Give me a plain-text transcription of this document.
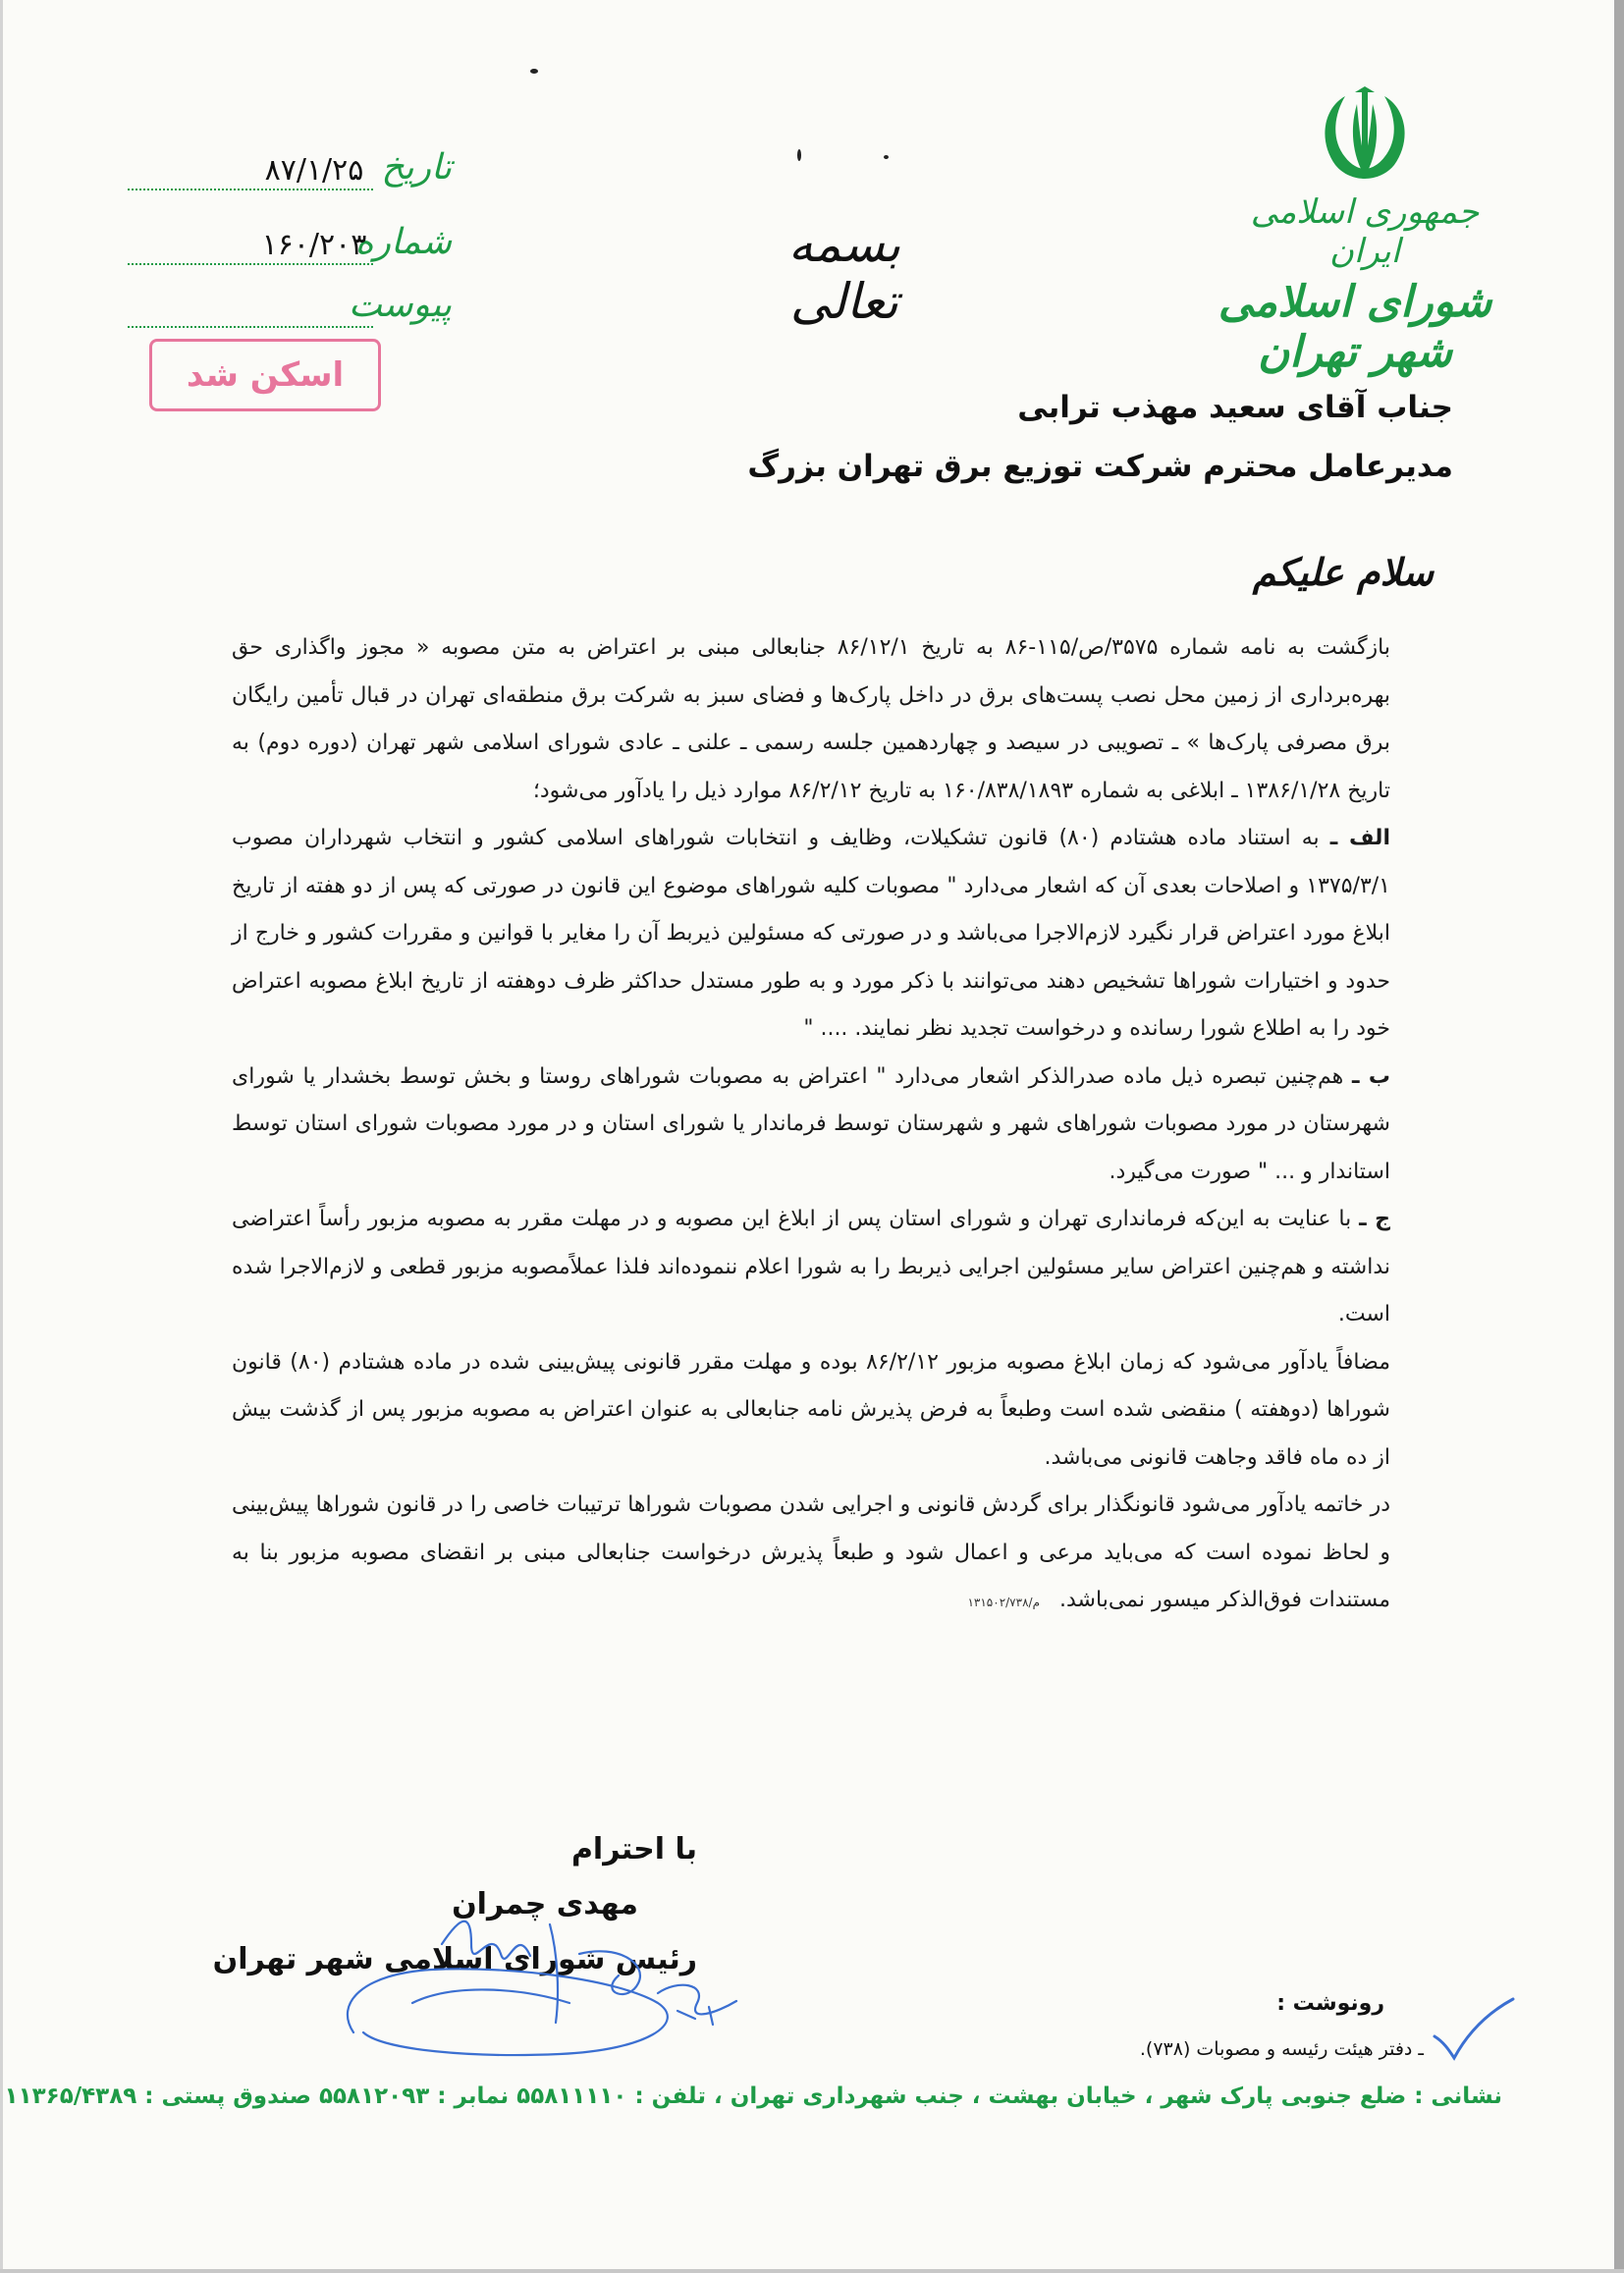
جمهوری اسلامی ایران
شورای اسلامی شهر تهران
بسمه تعالی
تاریخ
۸۷/۱/۲۵
شماره
۱۶۰/۲۰۳
پیوست
اسکن شد
جناب آقای سعید مهذب ترابی
مدیرعامل محترم شرکت توزیع برق تهران بزرگ
سلام علیکم

بازگشت به نامه شماره ۳۵۷۵/ص/۱۱۵-۸۶ به تاریخ ۸۶/۱۲/۱ جنابعالی مبنی بر اعتراض به متن مصوبه « مجوز واگذاری حق بهره‌برداری از زمین محل نصب پست‌های برق در داخل پارک‌ها و فضای سبز به شرکت برق منطقه‌ای تهران در قبال تأمین رایگان برق مصرفی پارک‌ها » ـ تصویبی در سیصد و چهاردهمین جلسه رسمی ـ علنی ـ عادی شورای اسلامی شهر تهران (دوره دوم) به تاریخ ۱۳۸۶/۱/۲۸ ـ ابلاغی به شماره ۱۶۰/۸۳۸/۱۸۹۳ به تاریخ ۸۶/۲/۱۲ موارد ذیل را یادآور می‌شود؛

الف ـ به استناد ماده هشتادم (۸۰) قانون تشکیلات، وظایف و انتخابات شوراهای اسلامی کشور و انتخاب شهرداران مصوب ۱۳۷۵/۳/۱ و اصلاحات بعدی آن که اشعار می‌دارد " مصوبات کلیه شوراهای موضوع این قانون در صورتی که پس از دو هفته از تاریخ ابلاغ مورد اعتراض قرار نگیرد لازم‌الاجرا می‌باشد و در صورتی که مسئولین ذیربط آن را مغایر با قوانین و مقررات کشور و خارج از حدود و اختیارات شوراها تشخیص دهند می‌توانند با ذکر مورد و به طور مستدل حداکثر ظرف دوهفته از تاریخ ابلاغ مصوبه اعتراض خود را به اطلاع شورا رسانده و درخواست تجدید نظر نمایند. .... "

ب ـ هم‌چنین تبصره ذیل ماده صدرالذکر اشعار می‌دارد " اعتراض به مصوبات شوراهای روستا و بخش توسط بخشدار یا شورای شهرستان در مورد مصوبات شوراهای شهر و شهرستان توسط فرماندار یا شورای استان و در مورد مصوبات شورای استان توسط استاندار و ... " صورت می‌گیرد.

ج ـ با عنایت به این‌که فرمانداری تهران و شورای استان پس از ابلاغ این مصوبه و در مهلت مقرر به مصوبه مزبور رأساً اعتراضی نداشته و هم‌چنین اعتراض سایر مسئولین اجرایی ذیربط را به شورا اعلام ننموده‌اند فلذا عملاًمصوبه مزبور قطعی و لازم‌الاجرا شده است.

مضافاً یادآور می‌شود که زمان ابلاغ مصوبه مزبور ۸۶/۲/۱۲ بوده و مهلت مقرر قانونی پیش‌بینی شده در ماده هشتادم (۸۰) قانون شوراها (دوهفته ) منقضی شده است وطبعاً به فرض پذیرش نامه جنابعالی به عنوان اعتراض به مصوبه مزبور پس از گذشت بیش از ده ماه فاقد وجاهت قانونی می‌باشد.

در خاتمه یادآور می‌شود قانونگذار برای گردش قانونی و اجرایی شدن مصوبات شوراها ترتیبات خاصی را در قانون شوراها پیش‌بینی و لحاظ نموده است که می‌باید مرعی و اعمال شود و طبعاً پذیرش درخواست جنابعالی مبنی بر انقضای مصوبه مزبور بنا به مستندات فوق‌الذکر میسور نمی‌باشد.م/۱۳۱۵۰۲/۷۳۸

با احترام
مهدی چمران
رئیس شورای اسلامی شهر تهران
رونوشت :
ـ دفتر هیئت رئیسه و مصوبات (۷۳۸).
نشانی : ضلع جنوبی پارک شهر ، خیابان بهشت ، جنب شهرداری تهران ، تلفن : ۵۵۸۱۱۱۱۰ نمابر : ۵۵۸۱۲۰۹۳ صندوق پستی : ۱۱۳۶۵/۴۳۸۹
